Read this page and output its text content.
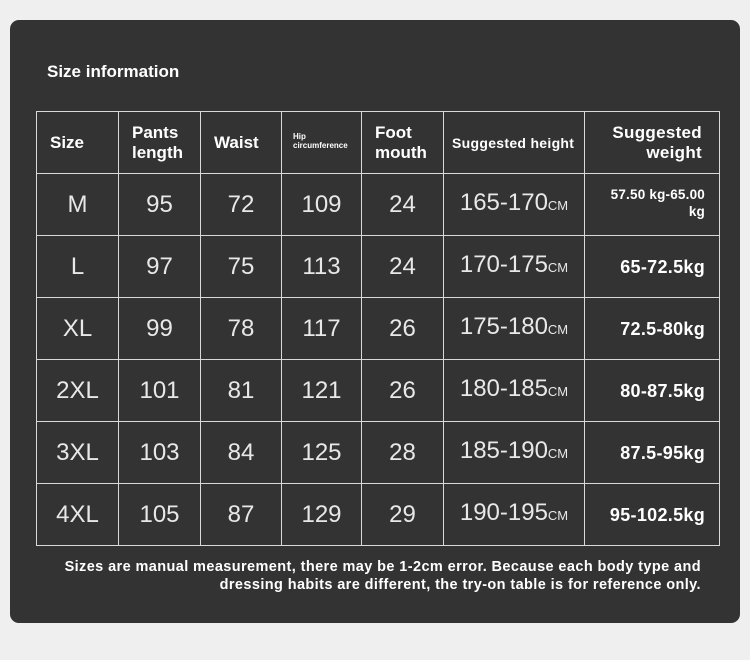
Size information
Size	Pants length	Waist	Hip circumference	Foot mouth	Suggested height	Suggested weight
M	95	72	109	24	165-170CM	57.50 kg-65.00 kg
L	97	75	113	24	170-175CM	65-72.5kg
XL	99	78	117	26	175-180CM	72.5-80kg
2XL	101	81	121	26	180-185CM	80-87.5kg
3XL	103	84	125	28	185-190CM	87.5-95kg
4XL	105	87	129	29	190-195CM	95-102.5kg

Sizes are manual measurement, there may be 1-2cm error. Because each body type and dressing habits are different, the try-on table is for reference only.
